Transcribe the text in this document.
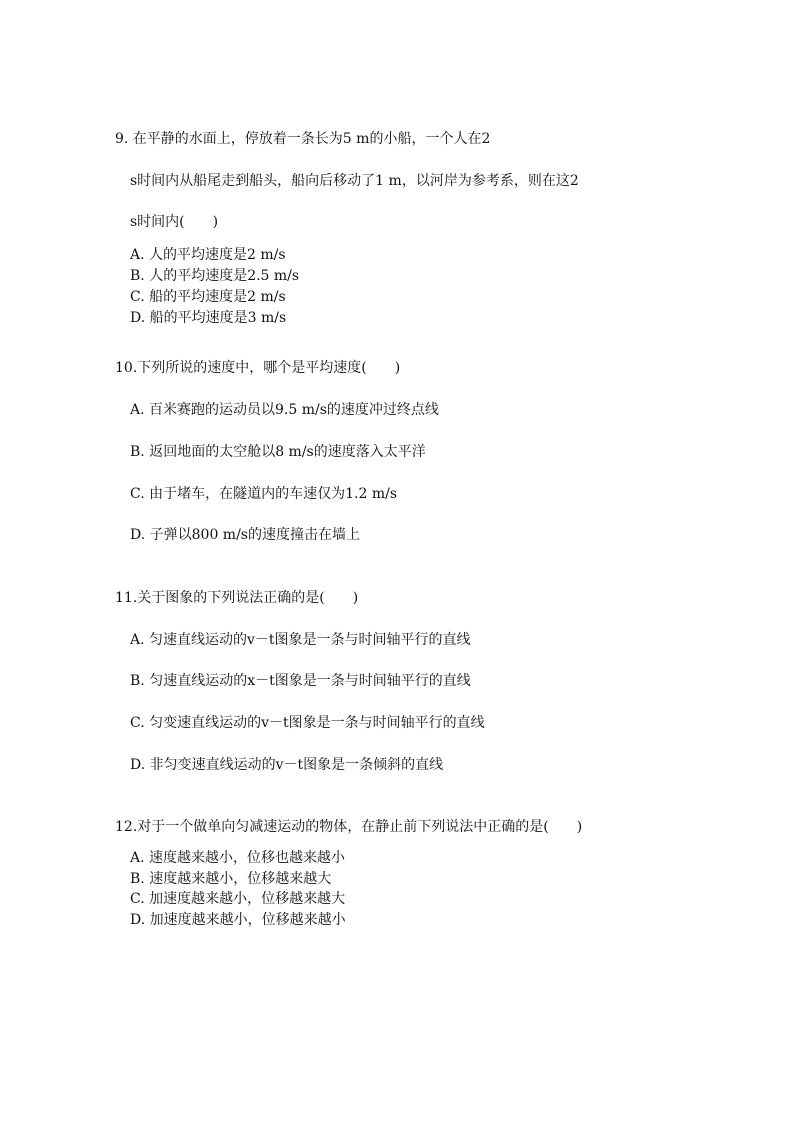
9. 在平静的水面上，停放着一条长为5 m的小船，一个人在2
s时间内从船尾走到船头，船向后移动了1 m，以河岸为参考系，则在这2
s时间内(　　)
A. 人的平均速度是2 m/s
B. 人的平均速度是2.5 m/s
C. 船的平均速度是2 m/s
D. 船的平均速度是3 m/s
10.下列所说的速度中，哪个是平均速度(　　)
A. 百米赛跑的运动员以9.5 m/s的速度冲过终点线
B. 返回地面的太空舱以8 m/s的速度落入太平洋
C. 由于堵车，在隧道内的车速仅为1.2 m/s
D. 子弹以800 m/s的速度撞击在墙上
11.关于图象的下列说法正确的是(　　)
A. 匀速直线运动的v－t图象是一条与时间轴平行的直线
B. 匀速直线运动的x－t图象是一条与时间轴平行的直线
C. 匀变速直线运动的v－t图象是一条与时间轴平行的直线
D. 非匀变速直线运动的v－t图象是一条倾斜的直线
12.对于一个做单向匀减速运动的物体，在静止前下列说法中正确的是(　　)
A. 速度越来越小，位移也越来越小
B. 速度越来越小，位移越来越大
C. 加速度越来越小，位移越来越大
D. 加速度越来越小，位移越来越小
